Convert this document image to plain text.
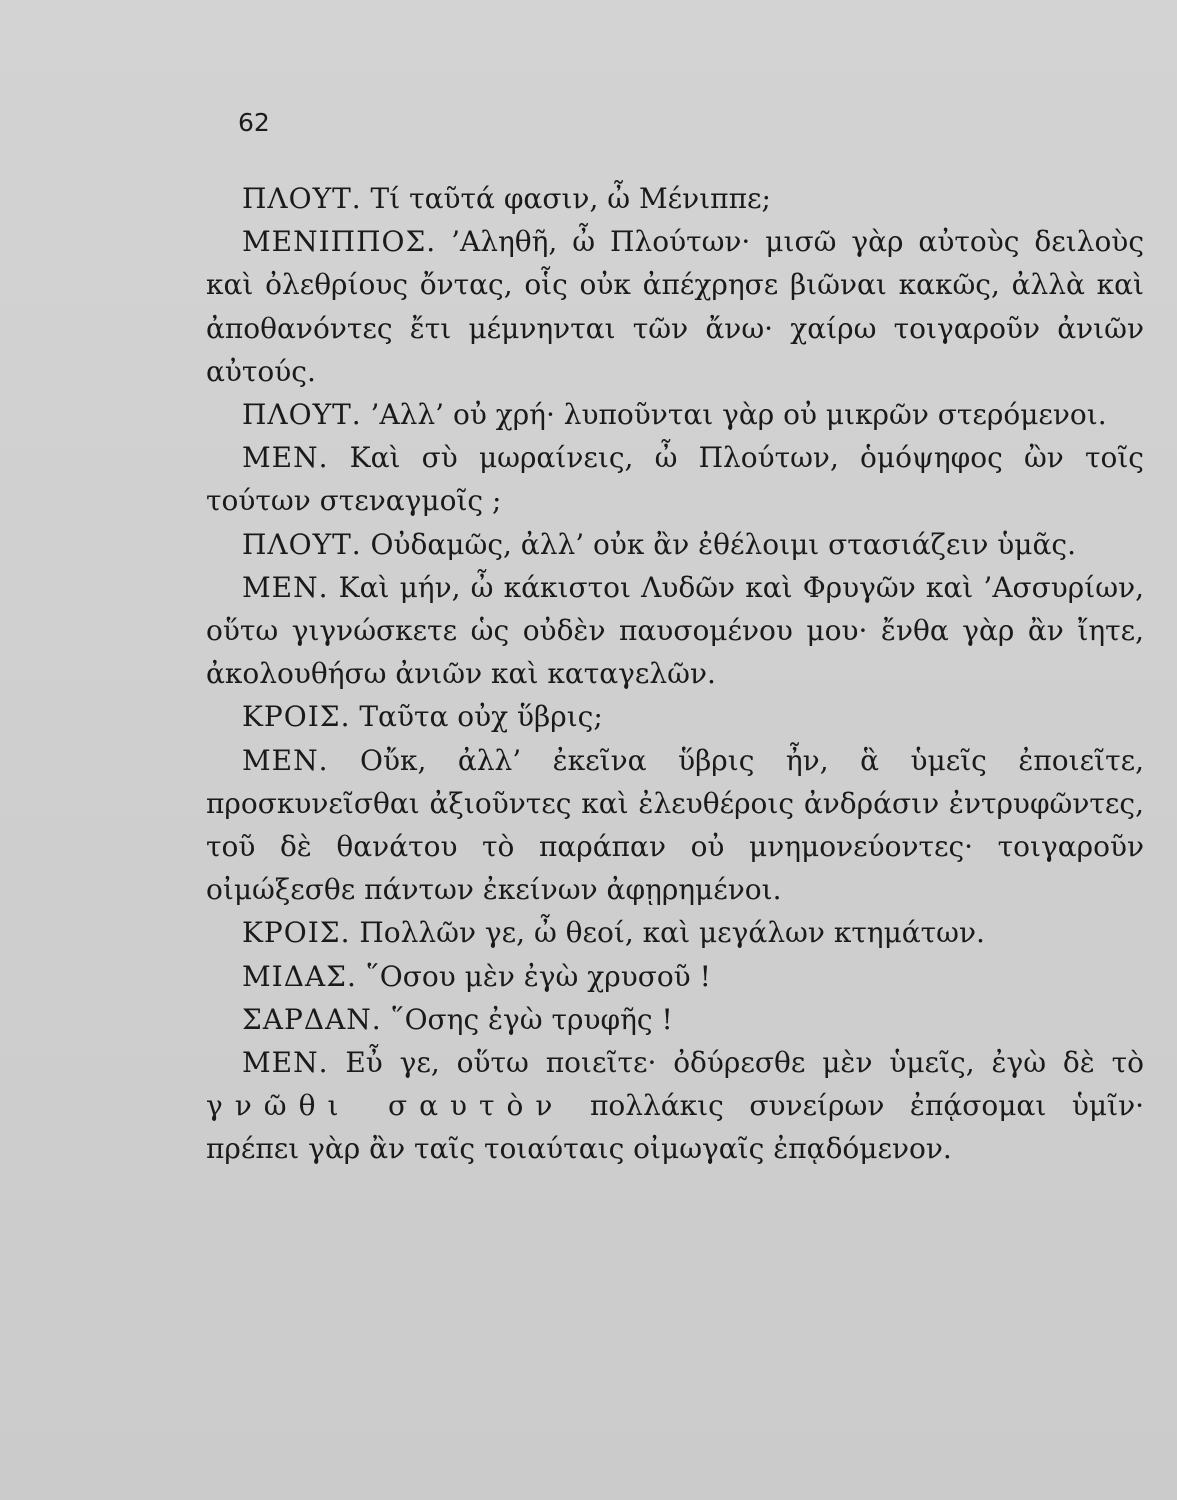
62

ΠΛΟΥΤ. Τί ταῦτά φασιν, ὦ Μένιππε;

ΜΕΝΙΠΠΟΣ. ’Αληθῆ, ὦ Πλούτων· μισῶ γὰρ αὐτοὺς δειλοὺς καὶ ὀλεθρίους ὄντας, οἷς οὐκ ἀπέχρησε βιῶναι κακῶς, ἀλλὰ καὶ ἀποθανόντες ἔτι μέμνηνται τῶν ἄνω· χαίρω τοιγαροῦν ἀνιῶν αὐτούς.

ΠΛΟΥΤ. ’Αλλ’ οὐ χρή· λυποῦνται γὰρ οὐ μικρῶν στερόμενοι.

ΜΕΝ. Καὶ σὺ μωραίνεις, ὦ Πλούτων, ὁμόψηφος ὢν τοῖς τούτων στεναγμοῖς ;

ΠΛΟΥΤ. Οὐδαμῶς, ἀλλ’ οὐκ ἂν ἐθέλοιμι στασιάζειν ὑμᾶς.

ΜΕΝ. Καὶ μήν, ὦ κάκιστοι Λυδῶν καὶ Φρυγῶν καὶ ’Ασσυρίων, οὕτω γιγνώσκετε ὡς οὐδὲν παυσομένου μου· ἔνθα γὰρ ἂν ἴητε, ἀκολουθήσω ἀνιῶν καὶ καταγελῶν.

ΚΡΟΙΣ. Ταῦτα οὐχ ὕβρις;

ΜΕΝ. Οὔκ, ἀλλ’ ἐκεῖνα ὕβρις ἦν, ἃ ὑμεῖς ἐποιεῖτε, προσκυνεῖσθαι ἀξιοῦντες καὶ ἐλευθέροις ἀνδράσιν ἐντρυφῶντες, τοῦ δὲ θανάτου τὸ παράπαν οὐ μνημονεύοντες· τοιγαροῦν οἰμώξεσθε πάντων ἐκείνων ἀφῃρημένοι.

ΚΡΟΙΣ. Πολλῶν γε, ὦ θεοί, καὶ μεγάλων κτημάτων.

ΜΙΔΑΣ. ῞Οσου μὲν ἐγὼ χρυσοῦ !

ΣΑΡΔΑΝ. ῞Οσης ἐγὼ τρυφῆς !

ΜΕΝ. Εὖ γε, οὕτω ποιεῖτε· ὀδύρεσθε μὲν ὑμεῖς, ἐγὼ δὲ τὸ γνῶθι σαυτὸν πολλάκις συνείρων ἐπᾴσομαι ὑμῖν· πρέπει γὰρ ἂν ταῖς τοιαύταις οἰμωγαῖς ἐπᾳδόμενον.
